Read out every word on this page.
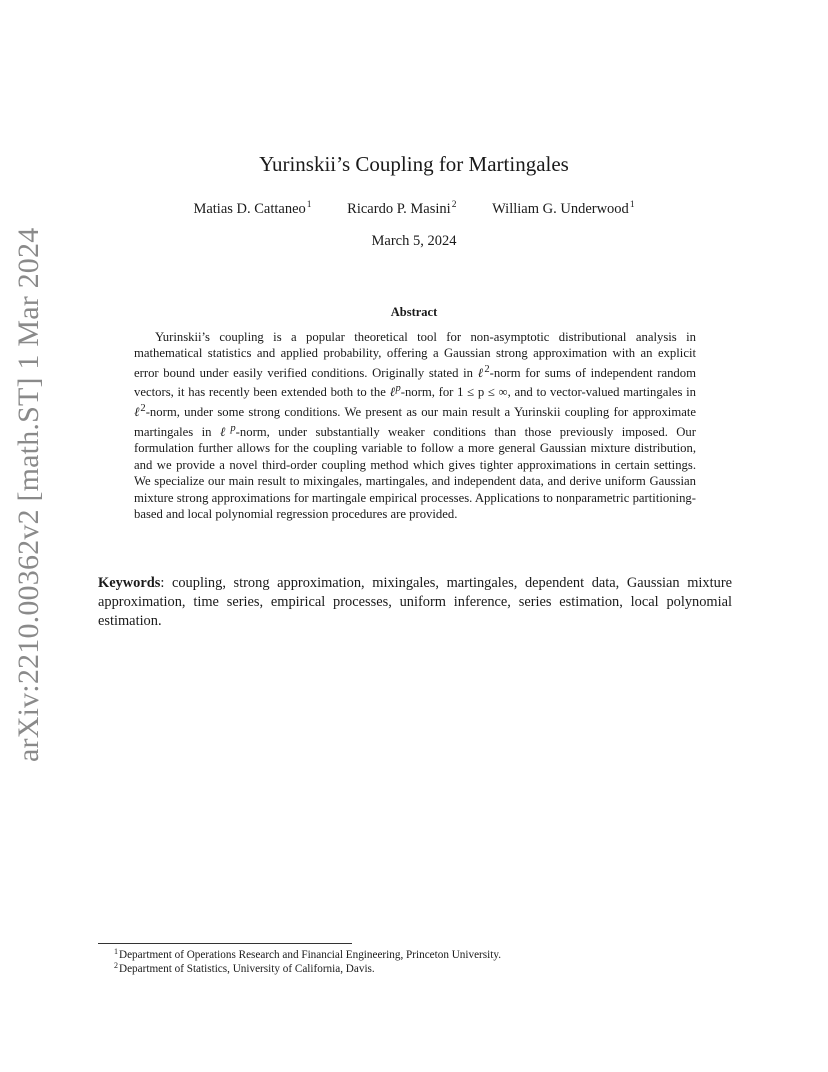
arXiv:2210.00362v2 [math.ST] 1 Mar 2024
Yurinskii’s Coupling for Martingales
Matias D. Cattaneo$^1$ Ricardo P. Masini$^2$ William G. Underwood$^1$
March 5, 2024
Abstract

Yurinskii’s coupling is a popular theoretical tool for non-asymptotic distributional analysis in mathematical statistics and applied probability, offering a Gaussian strong approximation with an explicit error bound under easily verified conditions. Originally stated in ℓ$^2$-norm for sums of independent random vectors, it has recently been extended both to the ℓ$^p$-norm, for 1 ≤ p ≤ ∞, and to vector-valued martingales in ℓ$^2$-norm, under some strong conditions. We present as our main result a Yurinskii coupling for approximate martingales in ℓ$^p$-norm, under substantially weaker conditions than those previously imposed. Our formulation further allows for the coupling variable to follow a more general Gaussian mixture distribution, and we provide a novel third-order coupling method which gives tighter approximations in certain settings. We specialize our main result to mixingales, martingales, and independent data, and derive uniform Gaussian mixture strong approximations for martingale empirical processes. Applications to nonparametric partitioning-based and local polynomial regression procedures are provided.

Keywords: coupling, strong approximation, mixingales, martingales, dependent data, Gaussian mixture approximation, time series, empirical processes, uniform inference, series estimation, local polynomial estimation.

$^1$Department of Operations Research and Financial Engineering, Princeton University.
$^2$Department of Statistics, University of California, Davis.
